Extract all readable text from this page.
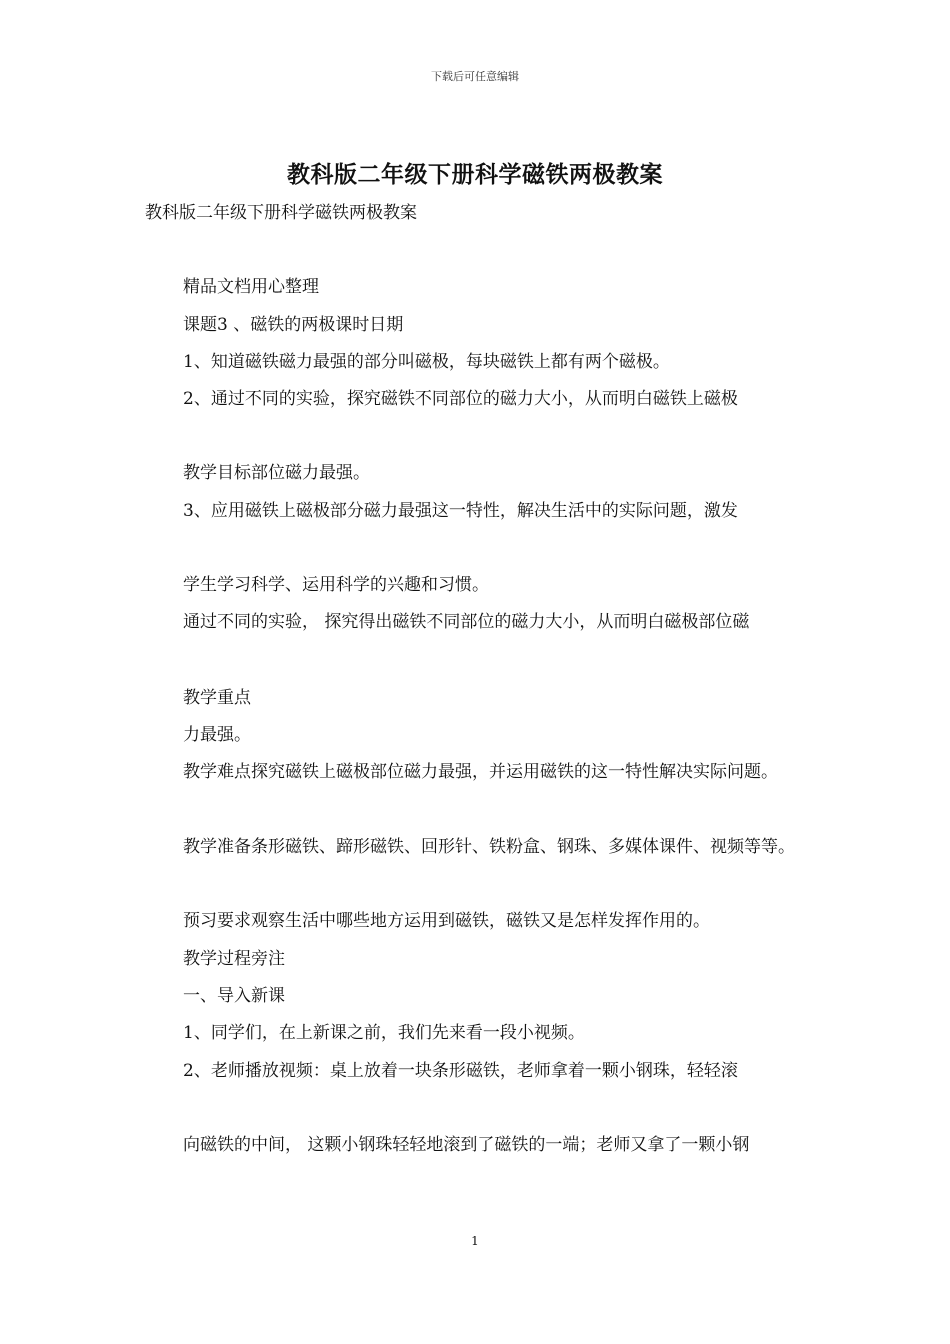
下载后可任意编辑
教科版二年级下册科学磁铁两极教案
教科版二年级下册科学磁铁两极教案
精品文档用心整理
课题3 、磁铁的两极课时日期
1、知道磁铁磁力最强的部分叫磁极，每块磁铁上都有两个磁极。
2、通过不同的实验，探究磁铁不同部位的磁力大小，从而明白磁铁上磁极
教学目标部位磁力最强。
3、应用磁铁上磁极部分磁力最强这一特性，解决生活中的实际问题，激发
学生学习科学、运用科学的兴趣和习惯。
通过不同的实验， 探究得出磁铁不同部位的磁力大小，从而明白磁极部位磁
教学重点
力最强。
教学难点探究磁铁上磁极部位磁力最强，并运用磁铁的这一特性解决实际问题。
教学准备条形磁铁、蹄形磁铁、回形针、铁粉盒、钢珠、多媒体课件、视频等等。
预习要求观察生活中哪些地方运用到磁铁，磁铁又是怎样发挥作用的。
教学过程旁注
一、导入新课
1、同学们，在上新课之前，我们先来看一段小视频。
2、老师播放视频：桌上放着一块条形磁铁，老师拿着一颗小钢珠，轻轻滚
向磁铁的中间， 这颗小钢珠轻轻地滚到了磁铁的一端；老师又拿了一颗小钢
1
